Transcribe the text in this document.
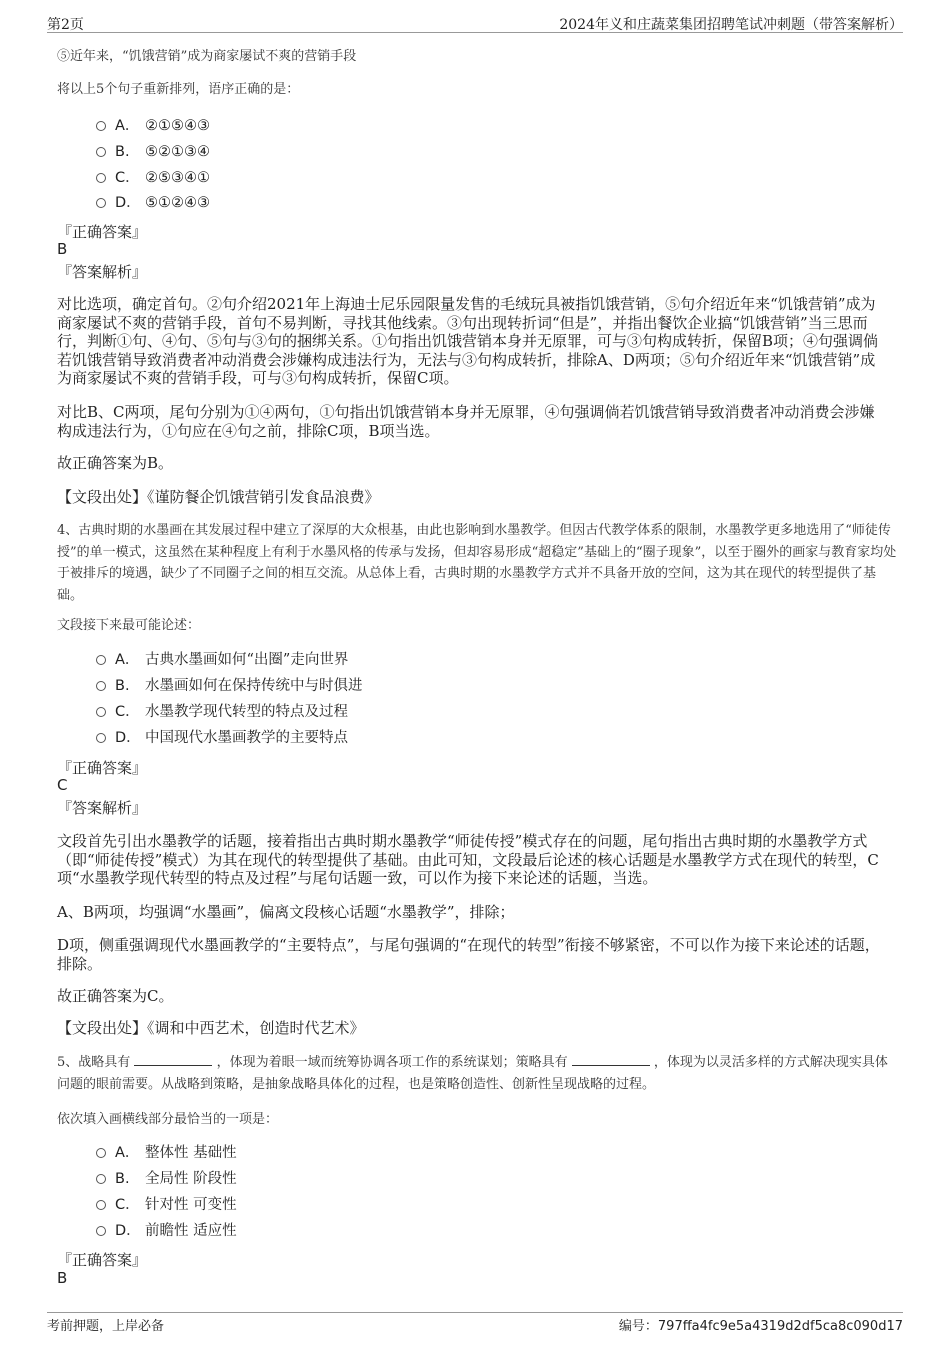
第2页	2024年义和庄蔬菜集团招聘笔试冲刺题（带答案解析）
⑤近年来，“饥饿营销”成为商家屡试不爽的营销手段
将以上5个句子重新排列，语序正确的是：
A． ②①⑤④③
B. ⑤②①③④
C． ②⑤③④①
D． ⑤①②④③
『正确答案』
B
『答案解析』
对比选项，确定首句。②句介绍2021年上海迪士尼乐园限量发售的毛绒玩具被指饥饿营销，⑤句介绍近年来“饥饿营销”成为商家屡试不爽的营销手段，首句不易判断，寻找其他线索。③句出现转折词“但是”，并指出餐饮企业搞“饥饿营销”当三思而行，判断①句、④句、⑤句与③句的捆绑关系。①句指出饥饿营销本身并无原罪，可与③句构成转折，保留B项；④句强调倘若饥饿营销导致消费者冲动消费会涉嫌构成违法行为，无法与③句构成转折，排除A、D两项；⑤句介绍近年来“饥饿营销”成为商家屡试不爽的营销手段，可与③句构成转折，保留C项。
对比B、C两项，尾句分别为①④两句，①句指出饥饿营销本身并无原罪，④句强调倘若饥饿营销导致消费者冲动消费会涉嫌构成违法行为，①句应在④句之前，排除C项，B项当选。
故正确答案为B。
【文段出处】《谨防餐企饥饿营销引发食品浪费》
4、古典时期的水墨画在其发展过程中建立了深厚的大众根基，由此也影响到水墨教学。但因古代教学体系的限制，水墨教学更多地选用了“师徒传授”的单一模式，这虽然在某种程度上有利于水墨风格的传承与发扬，但却容易形成“超稳定”基础上的“圈子现象”，以至于圈外的画家与教育家均处于被排斥的境遇，缺少了不同圈子之间的相互交流。从总体上看，古典时期的水墨教学方式并不具备开放的空间，这为其在现代的转型提供了基础。
文段接下来最可能论述：
A． 古典水墨画如何“出圈”走向世界
B. 水墨画如何在保持传统中与时俱进
C． 水墨教学现代转型的特点及过程
D． 中国现代水墨画教学的主要特点
『正确答案』
C
『答案解析』
文段首先引出水墨教学的话题，接着指出古典时期水墨教学“师徒传授”模式存在的问题，尾句指出古典时期的水墨教学方式（即“师徒传授”模式）为其在现代的转型提供了基础。由此可知，文段最后论述的核心话题是水墨教学方式在现代的转型，C项“水墨教学现代转型的特点及过程”与尾句话题一致，可以作为接下来论述的话题，当选。
A、B两项，均强调“水墨画”，偏离文段核心话题“水墨教学”，排除；
D项，侧重强调现代水墨画教学的“主要特点”，与尾句强调的“在现代的转型”衔接不够紧密，不可以作为接下来论述的话题，排除。
故正确答案为C。
【文段出处】《调和中西艺术，创造时代艺术》
5、战略具有	，体现为着眼一域而统筹协调各项工作的系统谋划；策略具有	，体现为以灵活多样的方式解决现实具体问题的眼前需要。从战略到策略，是抽象战略具体化的过程，也是策略创造性、创新性呈现战略的过程。
依次填入画横线部分最恰当的一项是：
A． 整体性 基础性
B. 全局性 阶段性
C． 针对性 可变性
D． 前瞻性 适应性
『正确答案』
B
考前押题，上岸必备	编号：797ffa4fc9e5a4319d2df5ca8c090d17
